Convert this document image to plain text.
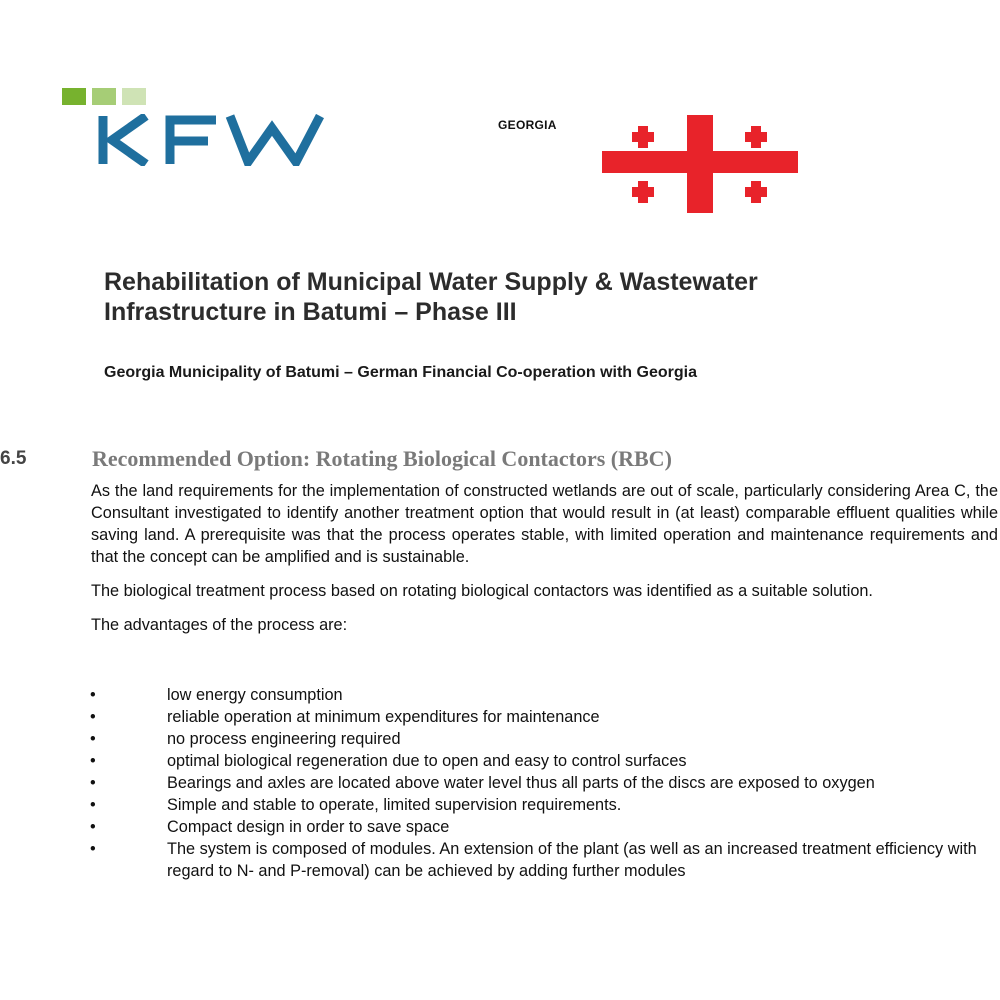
GEORGIA
Rehabilitation of Municipal Water Supply & Wastewater Infrastructure in Batumi – Phase III
Georgia Municipality of Batumi – German Financial Co-operation with Georgia
6.5	Recommended Option: Rotating Biological Contactors (RBC)

As the land requirements for the implementation of constructed wetlands are out of scale, particularly considering Area C, the Consultant investigated to identify another treatment option that would result in (at least) comparable effluent qualities while saving land. A prerequisite was that the process operates stable, with limited operation and maintenance requirements and that the concept can be amplified and is sustainable.

The biological treatment process based on rotating biological contactors was identified as a suitable solution.

The advantages of the process are:

•	low energy consumption
•	reliable operation at minimum expenditures for maintenance
•	no process engineering required
•	optimal biological regeneration due to open and easy to control surfaces
•	Bearings and axles are located above water level thus all parts of the discs are exposed to oxygen
•	Simple and stable to operate, limited supervision requirements.
•	Compact design in order to save space
•	The system is composed of modules. An extension of the plant (as well as an increased treatment efficiency with regard to N- and P-removal) can be achieved by adding further modules
